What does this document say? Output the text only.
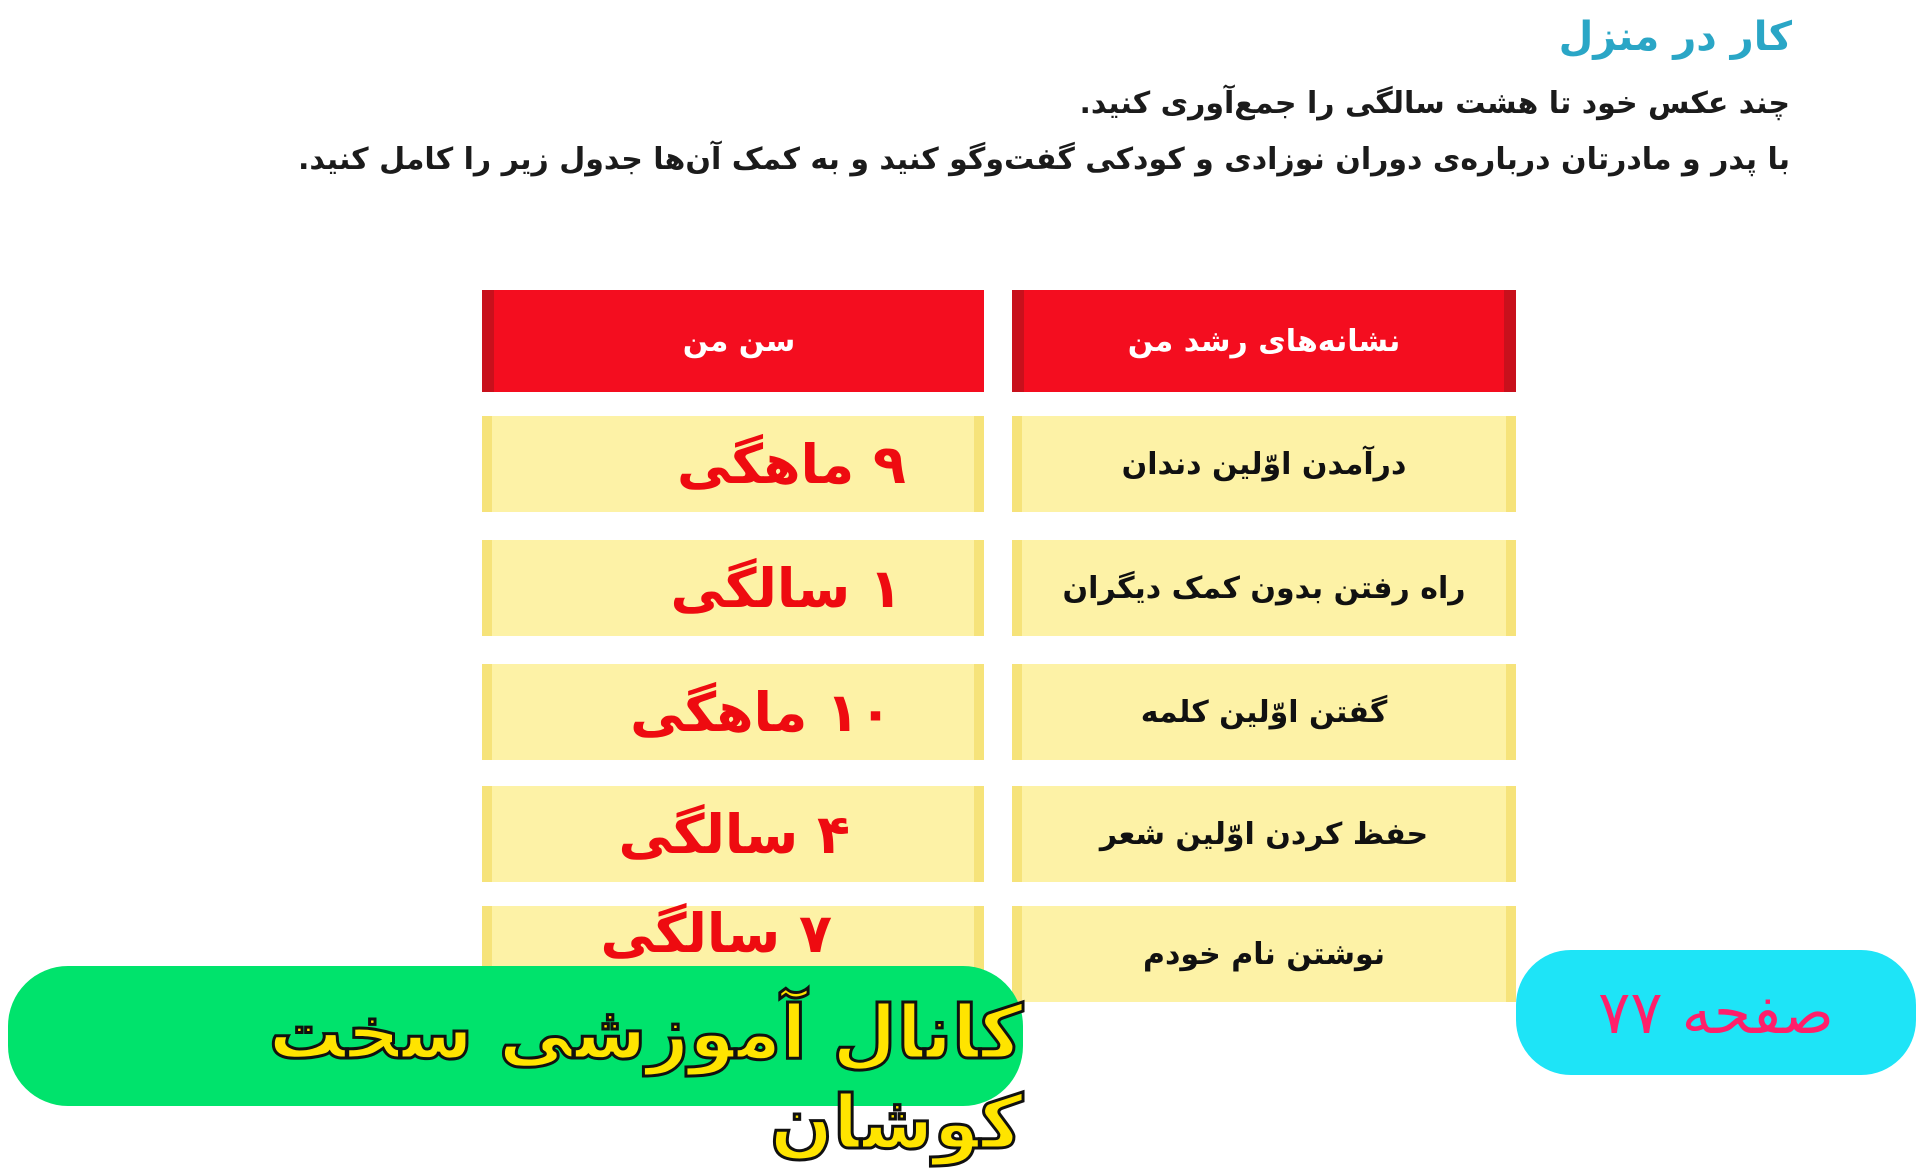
کار در منزل
چند عکس خود تا هشت سالگی را جمع‌آوری کنید.
با پدر و مادرتان درباره‌ی دوران نوزادی و کودکی گفت‌وگو کنید و به کمک آن‌ها جدول زیر را کامل کنید.
نشانه‌های رشد من
سن من
درآمدن اوّلین دندان
۹ ماهگی
راه رفتن بدون کمک دیگران
۱ سالگی
گفتن اوّلین کلمه
۱۰ ماهگی
حفظ کردن اوّلین شعر
۴ سالگی
نوشتن نام خودم
۷ سالگی
کانال آموزشی سخت کوشان
صفحه ۷۷
